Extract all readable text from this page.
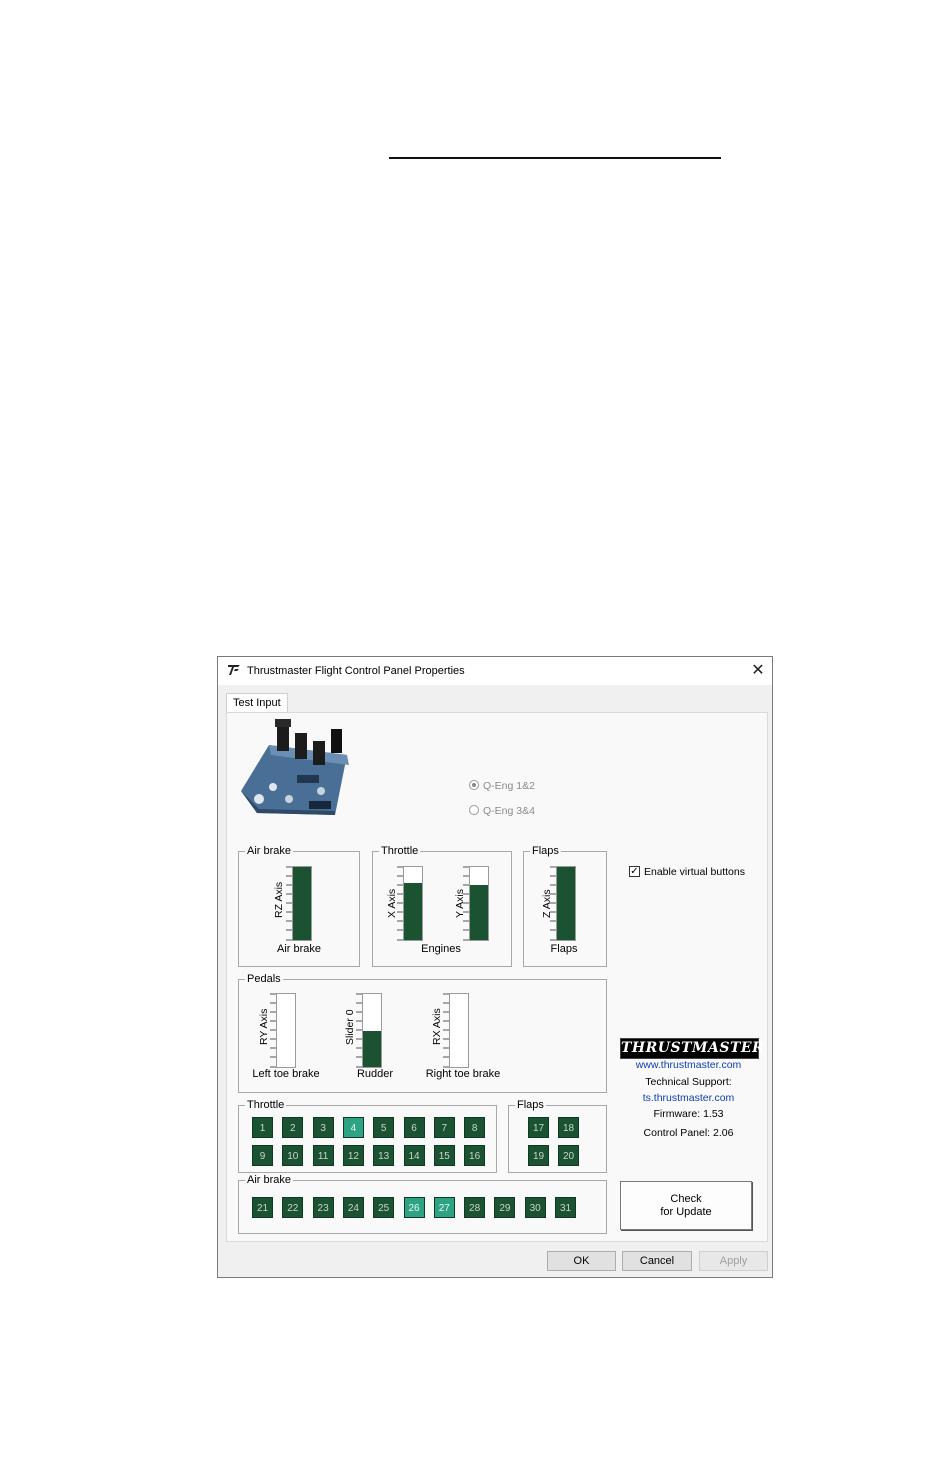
Thrustmaster Flight Control Panel Properties	✕
Test Input
Q-Eng 1&2
Q-Eng 3&4
Air brake
RZ Axis
Air brake
Throttle
X Axis	Y Axis
Engines
Flaps
Z Axis
Flaps
✓ Enable virtual buttons
Pedals
RY Axis
Left toe brake
Slider 0
Rudder
RX Axis
Right toe brake
Throttle
1	2	3	4	5	6	7	8
9	10	11	12	13	14	15	16
Flaps
17	18
19	20
Air brake
21	22	23	24	25	26	27	28	29	30	31
THRUSTMASTER
www.thrustmaster.com
Technical Support:
ts.thrustmaster.com
Firmware: 1.53
Control Panel: 2.06
Check
for Update
OK	Cancel	Apply
